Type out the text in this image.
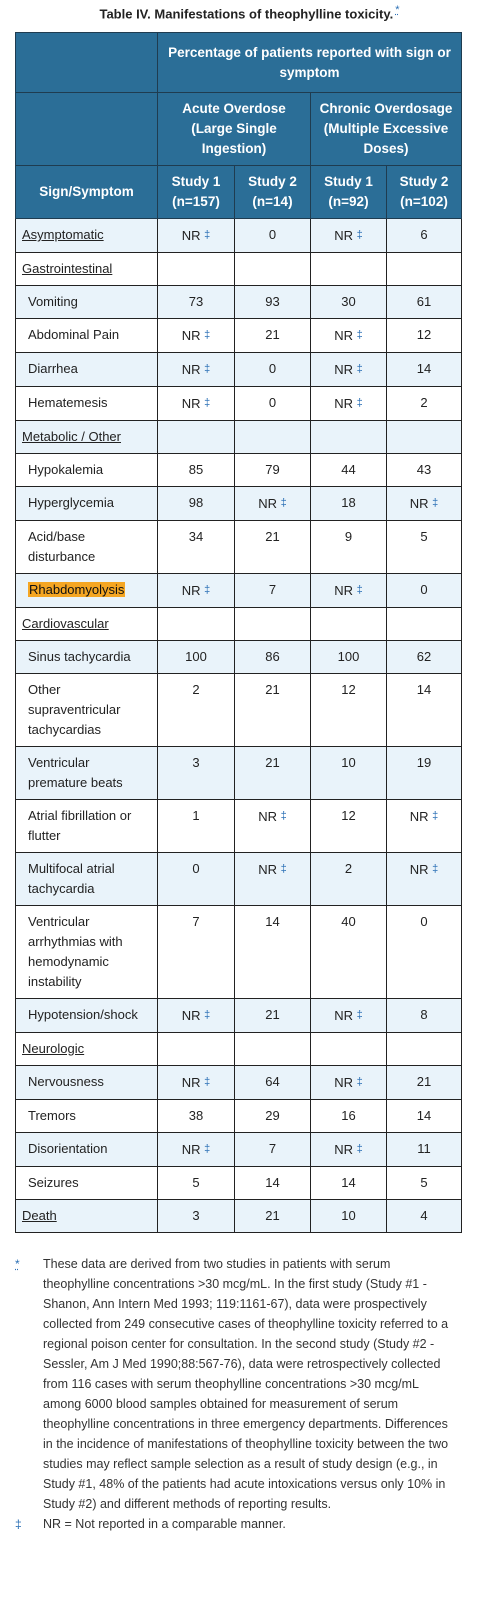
Table IV. Manifestations of theophylline toxicity. *
	Percentage of patients reported with sign or symptom			
	Acute Overdose (Large Single Ingestion)		Chronic Overdosage (Multiple Excessive Doses)	
Sign/Symptom	Study 1 (n=157)	Study 2 (n=14)	Study 1 (n=92)	Study 2 (n=102)
Asymptomatic	NR ‡	0	NR ‡	6
Gastrointestinal				
Vomiting	73	93	30	61
Abdominal Pain	NR ‡	21	NR ‡	12
Diarrhea	NR ‡	0	NR ‡	14
Hematemesis	NR ‡	0	NR ‡	2
Metabolic / Other				
Hypokalemia	85	79	44	43
Hyperglycemia	98	NR ‡	18	NR ‡
Acid/base disturbance	34	21	9	5
Rhabdomyolysis	NR ‡	7	NR ‡	0
Cardiovascular				
Sinus tachycardia	100	86	100	62
Other supraventricular tachycardias	2	21	12	14
Ventricular premature beats	3	21	10	19
Atrial fibrillation or flutter	1	NR ‡	12	NR ‡
Multifocal atrial tachycardia	0	NR ‡	2	NR ‡
Ventricular arrhythmias with hemodynamic instability	7	14	40	0
Hypotension/shock	NR ‡	21	NR ‡	8
Neurologic				
Nervousness	NR ‡	64	NR ‡	21
Tremors	38	29	16	14
Disorientation	NR ‡	7	NR ‡	11
Seizures	5	14	14	5
Death	3	21	10	4
*	These data are derived from two studies in patients with serum theophylline concentrations >30 mcg/mL. In the first study (Study #1 - Shanon, Ann Intern Med 1993; 119:1161-67), data were prospectively collected from 249 consecutive cases of theophylline toxicity referred to a regional poison center for consultation. In the second study (Study #2 - Sessler, Am J Med 1990;88:567-76), data were retrospectively collected from 116 cases with serum theophylline concentrations >30 mcg/mL among 6000 blood samples obtained for measurement of serum theophylline concentrations in three emergency departments. Differences in the incidence of manifestations of theophylline toxicity between the two studies may reflect sample selection as a result of study design (e.g., in Study #1, 48% of the patients had acute intoxications versus only 10% in Study #2) and different methods of reporting results.
‡	NR = Not reported in a comparable manner.
